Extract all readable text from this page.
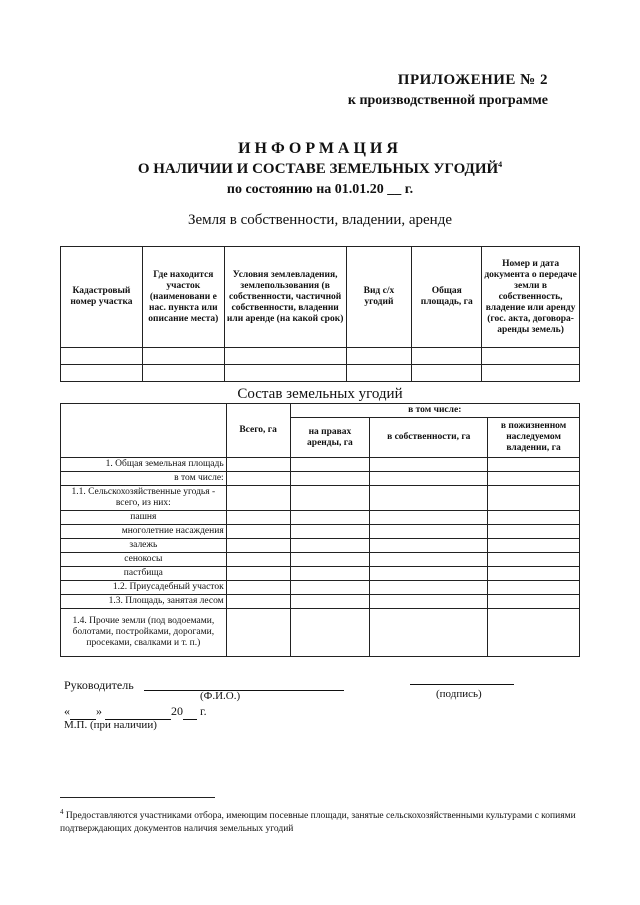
ПРИЛОЖЕНИЕ № 2
к производственной программе
ИНФОРМАЦИЯ
О НАЛИЧИИ И СОСТАВЕ ЗЕМЕЛЬНЫХ УГОДИЙ$^4$
по состоянию на 01.01.20 __ г.
Земля в собственности, владении, аренде
Кадастровый номер участка	Где находится участок (наименовани е нас. пункта или описание места)	Условия землевладения, землепользования (в собственности, частичной собственности, владении или аренде (на какой срок)	Вид с/х угодий	Общая площадь, га	Номер и дата документа о передаче земли в собственность, владение или аренду (гос. акта, договора-аренды земель)

Состав земельных угодий
	Всего, га	в том числе:		
		на правах аренды, га	в собственности, га	в пожизненном наследуемом владении, га
1. Общая земельная площадь				
в том числе:				
1.1. Сельскохозяйственные угодья - всего, из них:				
пашня				
многолетние насаждения				
залежь				
сенокосы				
пастбища				
1.2. Приусадебный участок				
1.3. Площадь, занятая лесом				
1.4. Прочие земли (под водоемами, болотами, постройками, дорогами, просеками, свалками и т. п.)				
Руководитель
(Ф.И.О.)	(подпись)
« »	20 г.
М.П. (при наличии)
$^4$ Предоставляются участниками отбора, имеющим посевные площади, занятые сельскохозяйственными культурами с копиями подтверждающих документов наличия земельных угодий
